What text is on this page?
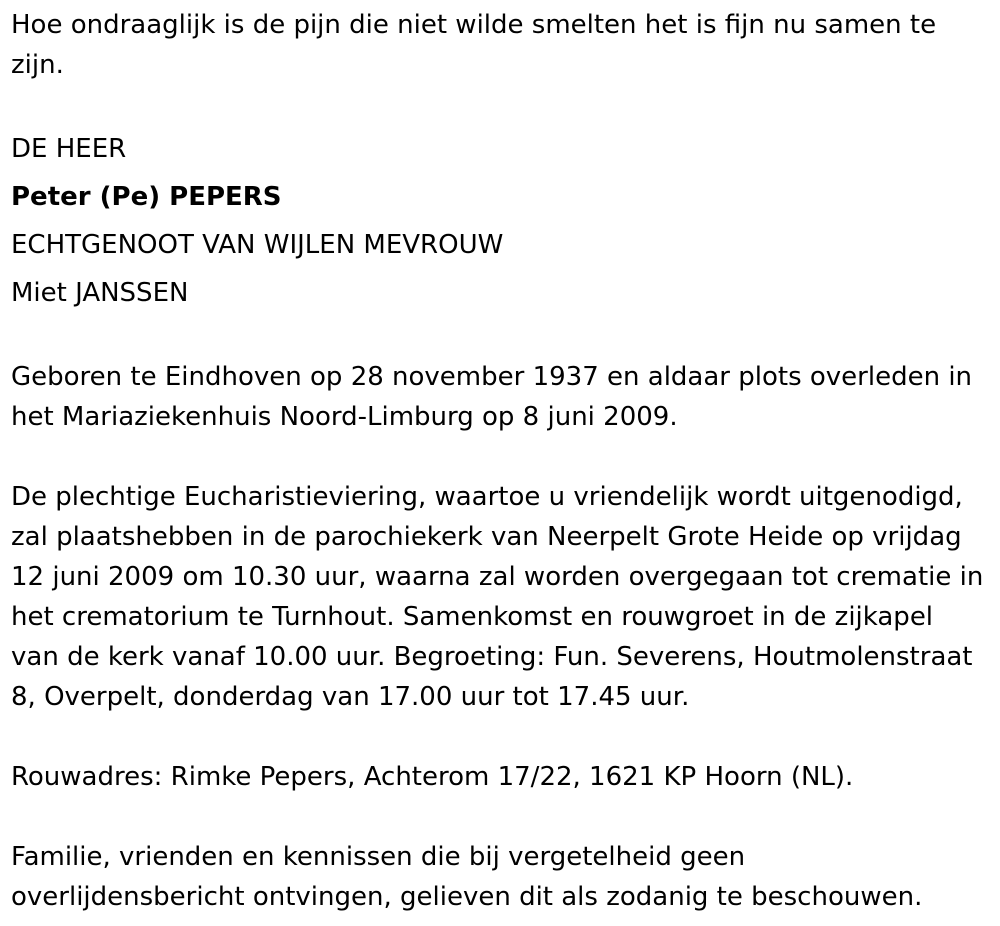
Hoe ondraaglijk is de pijn die niet wilde smelten het is fijn nu samen te zijn.

DE HEER

Peter (Pe) PEPERS

ECHTGENOOT VAN WIJLEN MEVROUW

Miet JANSSEN

Geboren te Eindhoven op 28 november 1937 en aldaar plots overleden in het Mariaziekenhuis Noord-Limburg op 8 juni 2009.

De plechtige Eucharistieviering, waartoe u vriendelijk wordt uitgenodigd, zal plaatshebben in de parochiekerk van Neerpelt Grote Heide op vrijdag 12 juni 2009 om 10.30 uur, waarna zal worden overgegaan tot crematie in het crematorium te Turnhout. Samenkomst en rouwgroet in de zijkapel van de kerk vanaf 10.00 uur. Begroeting: Fun. Severens, Houtmolenstraat 8, Overpelt, donderdag van 17.00 uur tot 17.45 uur.

Rouwadres: Rimke Pepers, Achterom 17/22, 1621 KP Hoorn (NL).

Familie, vrienden en kennissen die bij vergetelheid geen overlijdensbericht ontvingen, gelieven dit als zodanig te beschouwen.
